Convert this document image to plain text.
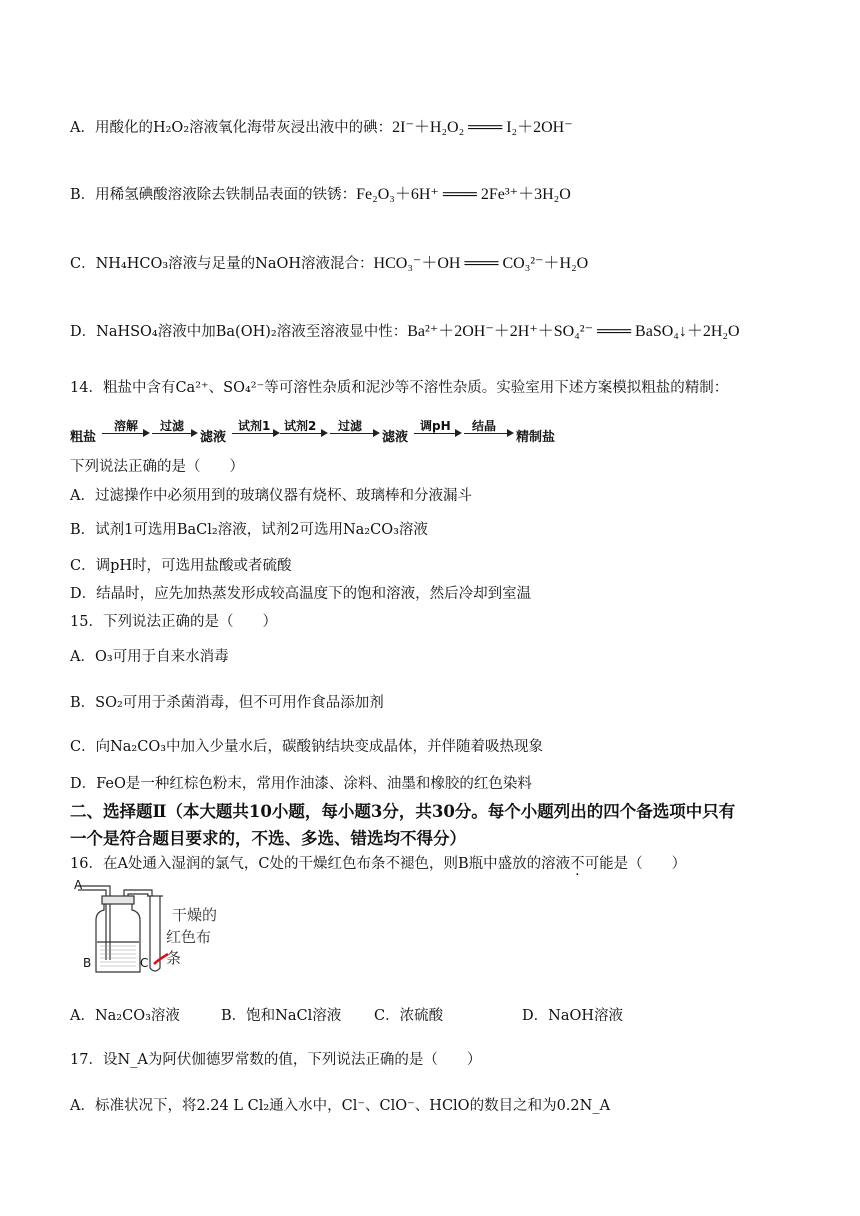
A．用酸化的H₂O₂溶液氧化海带灰浸出液中的碘：2I⁻＋H₂O₂ ═══ I₂＋2OH⁻
B．用稀氢碘酸溶液除去铁制品表面的铁锈：Fe₂O₃＋6H⁺ ═══ 2Fe³⁺＋3H₂O
C．NH₄HCO₃溶液与足量的NaOH溶液混合：HCO₃⁻＋OH ═══ CO₃²⁻＋H₂O
D．NaHSO₄溶液中加Ba(OH)₂溶液至溶液显中性：Ba²⁺＋2OH⁻＋2H⁺＋SO₄²⁻ ═══ BaSO₄↓＋2H₂O
14．粗盐中含有Ca²⁺、SO₄²⁻等可溶性杂质和泥沙等不溶性杂质。实验室用下述方案模拟粗盐的精制：
粗盐
溶解 过滤
滤液
试剂1 试剂2 过滤
滤液
调pH 结晶
精制盐
下列说法正确的是（　　）
A．过滤操作中必须用到的玻璃仪器有烧杯、玻璃棒和分液漏斗
B．试剂1可选用BaCl₂溶液，试剂2可选用Na₂CO₃溶液
C．调pH时，可选用盐酸或者硫酸
D．结晶时，应先加热蒸发形成较高温度下的饱和溶液，然后冷却到室温
15．下列说法正确的是（　　）
A．O₃可用于自来水消毒
B．SO₂可用于杀菌消毒，但不可用作食品添加剂
C．向Na₂CO₃中加入少量水后，碳酸钠结块变成晶体，并伴随着吸热现象
D．FeO是一种红棕色粉末，常用作油漆、涂料、油墨和橡胶的红色染料
二、选择题Ⅱ（本大题共10小题，每小题3分，共30分。每个小题列出的四个备选项中只有
一个是符合题目要求的，不选、多选、错选均不得分）
16．在A处通入湿润的氯气，C处的干燥红色布条不褪色，则B瓶中盛放的溶液不可能是（　　）
A
B	C
干燥的
红色布条
A．Na₂CO₃溶液	B．饱和NaCl溶液 C．浓硫酸	D．NaOH溶液
17．设N_A为阿伏伽德罗常数的值，下列说法正确的是（　　）
A．标准状况下，将2.24 L Cl₂通入水中，Cl⁻、ClO⁻、HClO的数目之和为0.2N_A
